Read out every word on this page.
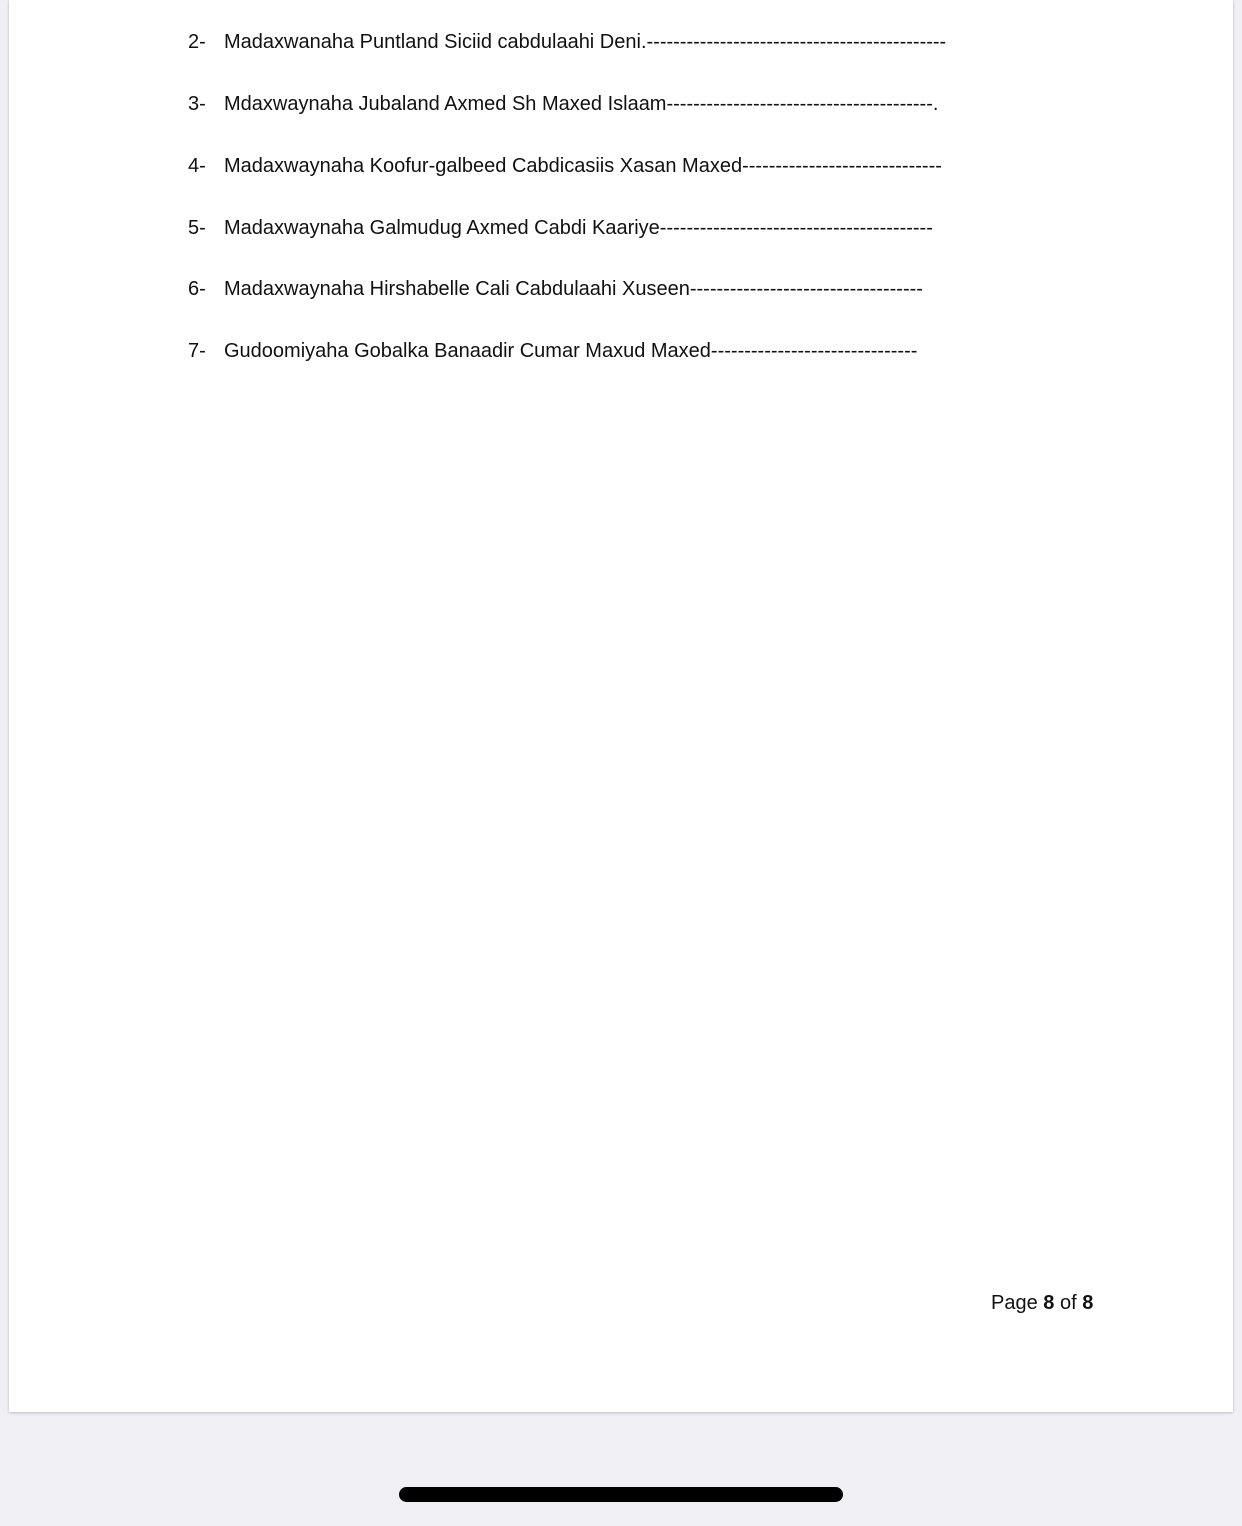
2- Madaxwanaha Puntland Siciid cabdulaahi Deni.---------------------------------------------
3- Mdaxwaynaha Jubaland Axmed Sh Maxed Islaam----------------------------------------.
4- Madaxwaynaha Koofur-galbeed Cabdicasiis Xasan Maxed------------------------------
5- Madaxwaynaha Galmudug Axmed Cabdi Kaariye-----------------------------------------
6- Madaxwaynaha Hirshabelle Cali Cabdulaahi Xuseen-----------------------------------
7- Gudoomiyaha Gobalka Banaadir Cumar Maxud Maxed-------------------------------
Page 8 of 8
